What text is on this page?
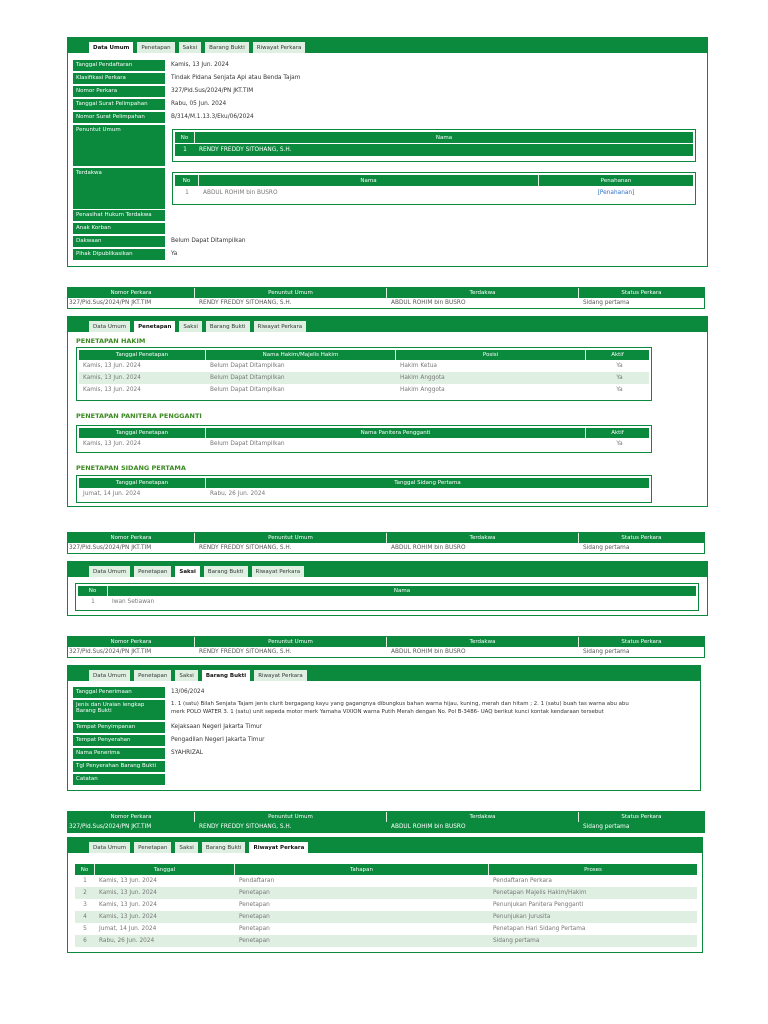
Data Umum	Penetapan	Saksi	Barang Bukti	Riwayat Perkara
Tanggal Pendaftaran	Kamis, 13 Jun. 2024
Klasifikasi Perkara	Tindak Pidana Senjata Api atau Benda Tajam
Nomor Perkara	327/Pid.Sus/2024/PN JKT.TIM
Tanggal Surat Pelimpahan	Rabu, 05 Jun. 2024
Nomor Surat Pelimpahan	B/314/M.1.13.3/Eku/06/2024
Penuntut Umum
Terdakwa
Penasihat Hukum Terdakwa
Anak Korban
Dakwaan	Belum Dapat Ditampilkan
Pihak Dipublikasikan	Ya
No	Nama
1	RENDY FREDDY SITOHANG, S.H.
No	Nama	Penahanan
1	ABDUL ROHIM bin BUSRO	[Penahanan]
Nomor Perkara	Penuntut Umum	Terdakwa	Status Perkara
327/Pid.Sus/2024/PN JKT.TIM	RENDY FREDDY SITOHANG, S.H.	ABDUL ROHIM bin BUSRO	Sidang pertama
Data Umum	Penetapan	Saksi	Barang Bukti	Riwayat Perkara
PENETAPAN HAKIM
Tanggal Penetapan	Nama Hakim/Majelis Hakim	Posisi	Aktif
Kamis, 13 Jun. 2024	Belum Dapat Ditampilkan	Hakim Ketua	Ya
Kamis, 13 Jun. 2024	Belum Dapat Ditampilkan	Hakim Anggota	Ya
Kamis, 13 Jun. 2024	Belum Dapat Ditampilkan	Hakim Anggota	Ya
PENETAPAN PANITERA PENGGANTI
Tanggal Penetapan	Nama Panitera Pengganti	Aktif
Kamis, 13 Jun. 2024	Belum Dapat Ditampilkan	Ya
PENETAPAN SIDANG PERTAMA
Tanggal Penetapan	Tanggal Sidang Pertama
Jumat, 14 Jun. 2024	Rabu, 26 Jun. 2024
Nomor Perkara	Penuntut Umum	Terdakwa	Status Perkara
327/Pid.Sus/2024/PN JKT.TIM	RENDY FREDDY SITOHANG, S.H.	ABDUL ROHIM bin BUSRO	Sidang pertama
Data Umum	Penetapan	Saksi	Barang Bukti	Riwayat Perkara
No	Nama
1	Iwan Setiawan
Nomor Perkara	Penuntut Umum	Terdakwa	Status Perkara
327/Pid.Sus/2024/PN JKT.TIM	RENDY FREDDY SITOHANG, S.H.	ABDUL ROHIM bin BUSRO	Sidang pertama
Data Umum	Penetapan	Saksi	Barang Bukti	Riwayat Perkara
Tanggal Penerimaan	13/06/2024
Jenis dan Uraian lengkap Barang Bukti
1. 1 (satu) Bilah Senjata Tajam jenis clurit bergagang kayu yang gagangnya dibungkus bahan warna hijau, kuning, merah dan hitam ; 2. 1 (satu) buah tas warna abu abu
merk POLO WATER 3. 1 (satu) unit sepeda motor merk Yamaha VIXION warna Putih Merah dengan No. Pol B-3486- UAQ berikut kunci kontak kendaraan tersebut
Tempat Penyimpanan	Kejaksaan Negeri Jakarta Timur
Tempat Penyerahan	Pengadilan Negeri Jakarta Timur
Nama Penerima	SYAHRIZAL
Tgl Penyerahan Barang Bukti
Catatan
Nomor Perkara	Penuntut Umum	Terdakwa	Status Perkara
327/Pid.Sus/2024/PN JKT.TIM	RENDY FREDDY SITOHANG, S.H.	ABDUL ROHIM bin BUSRO	Sidang pertama
Data Umum	Penetapan	Saksi	Barang Bukti	Riwayat Perkara
No	Tanggal	Tahapan	Proses
1	Kamis, 13 Jun. 2024	Pendaftaran	Pendaftaran Perkara
2	Kamis, 13 Jun. 2024	Penetapan	Penetapan Majelis Hakim/Hakim
3	Kamis, 13 Jun. 2024	Penetapan	Penunjukan Panitera Pengganti
4	Kamis, 13 Jun. 2024	Penetapan	Penunjukan Jurusita
5	Jumat, 14 Jun. 2024	Penetapan	Penetapan Hari Sidang Pertama
6	Rabu, 26 Jun. 2024	Penetapan	Sidang pertama
